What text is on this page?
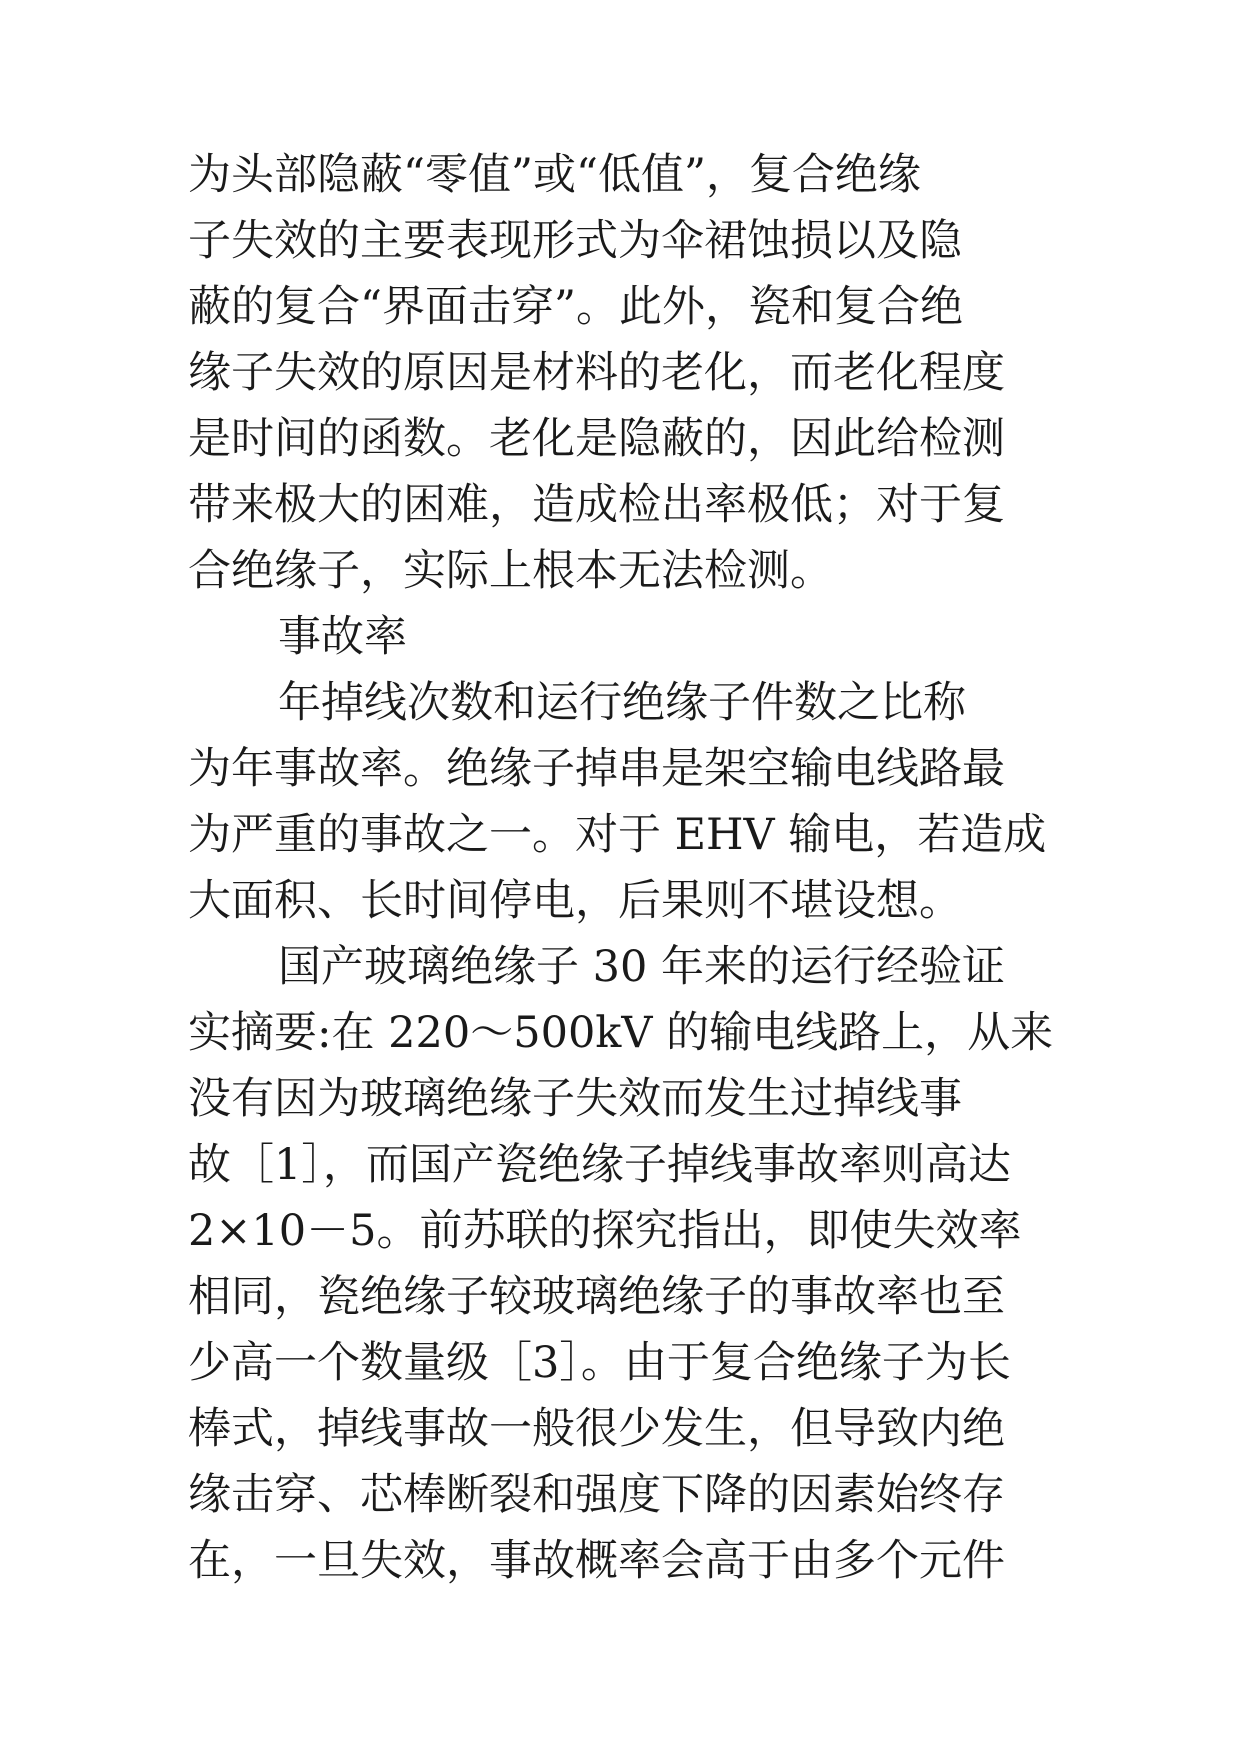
为头部隐蔽“零值”或“低值”，复合绝缘
子失效的主要表现形式为伞裙蚀损以及隐
蔽的复合“界面击穿”。此外，瓷和复合绝
缘子失效的原因是材料的老化，而老化程度
是时间的函数。老化是隐蔽的，因此给检测
带来极大的困难，造成检出率极低；对于复
合绝缘子，实际上根本无法检测。
事故率
年掉线次数和运行绝缘子件数之比称
为年事故率。绝缘子掉串是架空输电线路最
为严重的事故之一。对于 EHV 输电，若造成
大面积、长时间停电，后果则不堪设想。
国产玻璃绝缘子 30 年来的运行经验证
实摘要:在 220～500kV 的输电线路上，从来
没有因为玻璃绝缘子失效而发生过掉线事
故［1］，而国产瓷绝缘子掉线事故率则高达
2×10－5。前苏联的探究指出，即使失效率
相同，瓷绝缘子较玻璃绝缘子的事故率也至
少高一个数量级［3］。由于复合绝缘子为长
棒式，掉线事故一般很少发生，但导致内绝
缘击穿、芯棒断裂和强度下降的因素始终存
在，一旦失效，事故概率会高于由多个元件
